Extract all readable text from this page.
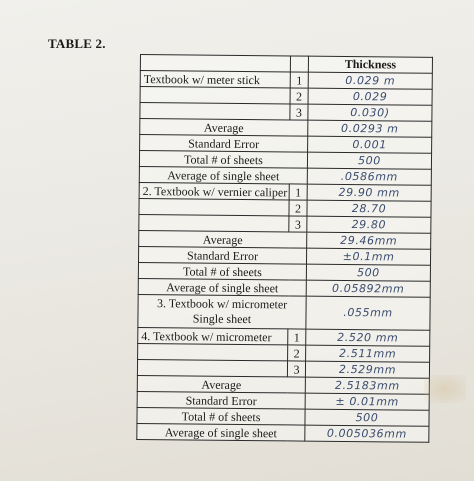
TABLE 2.
		Thickness
Textbook w/ meter stick	1	0.029 m
	2	0.029
	3	0.030)
Average		0.0293 m
Standard Error		0.001
Total # of sheets		500
Average of single sheet		.0586mm
2. Textbook w/ vernier caliper	1	29.90 mm
	2	28.70
	3	29.80
Average		29.46mm
Standard Error		±0.1mm
Total # of sheets		500
Average of single sheet		0.05892mm
3. Textbook w/ micrometer Single sheet		.055mm
4. Textbook w/ micrometer	1	2.520 mm
	2	2.511mm
	3	2.529mm
Average		2.5183mm
Standard Error		± 0.01mm
Total # of sheets		500
Average of single sheet		0.005036mm
